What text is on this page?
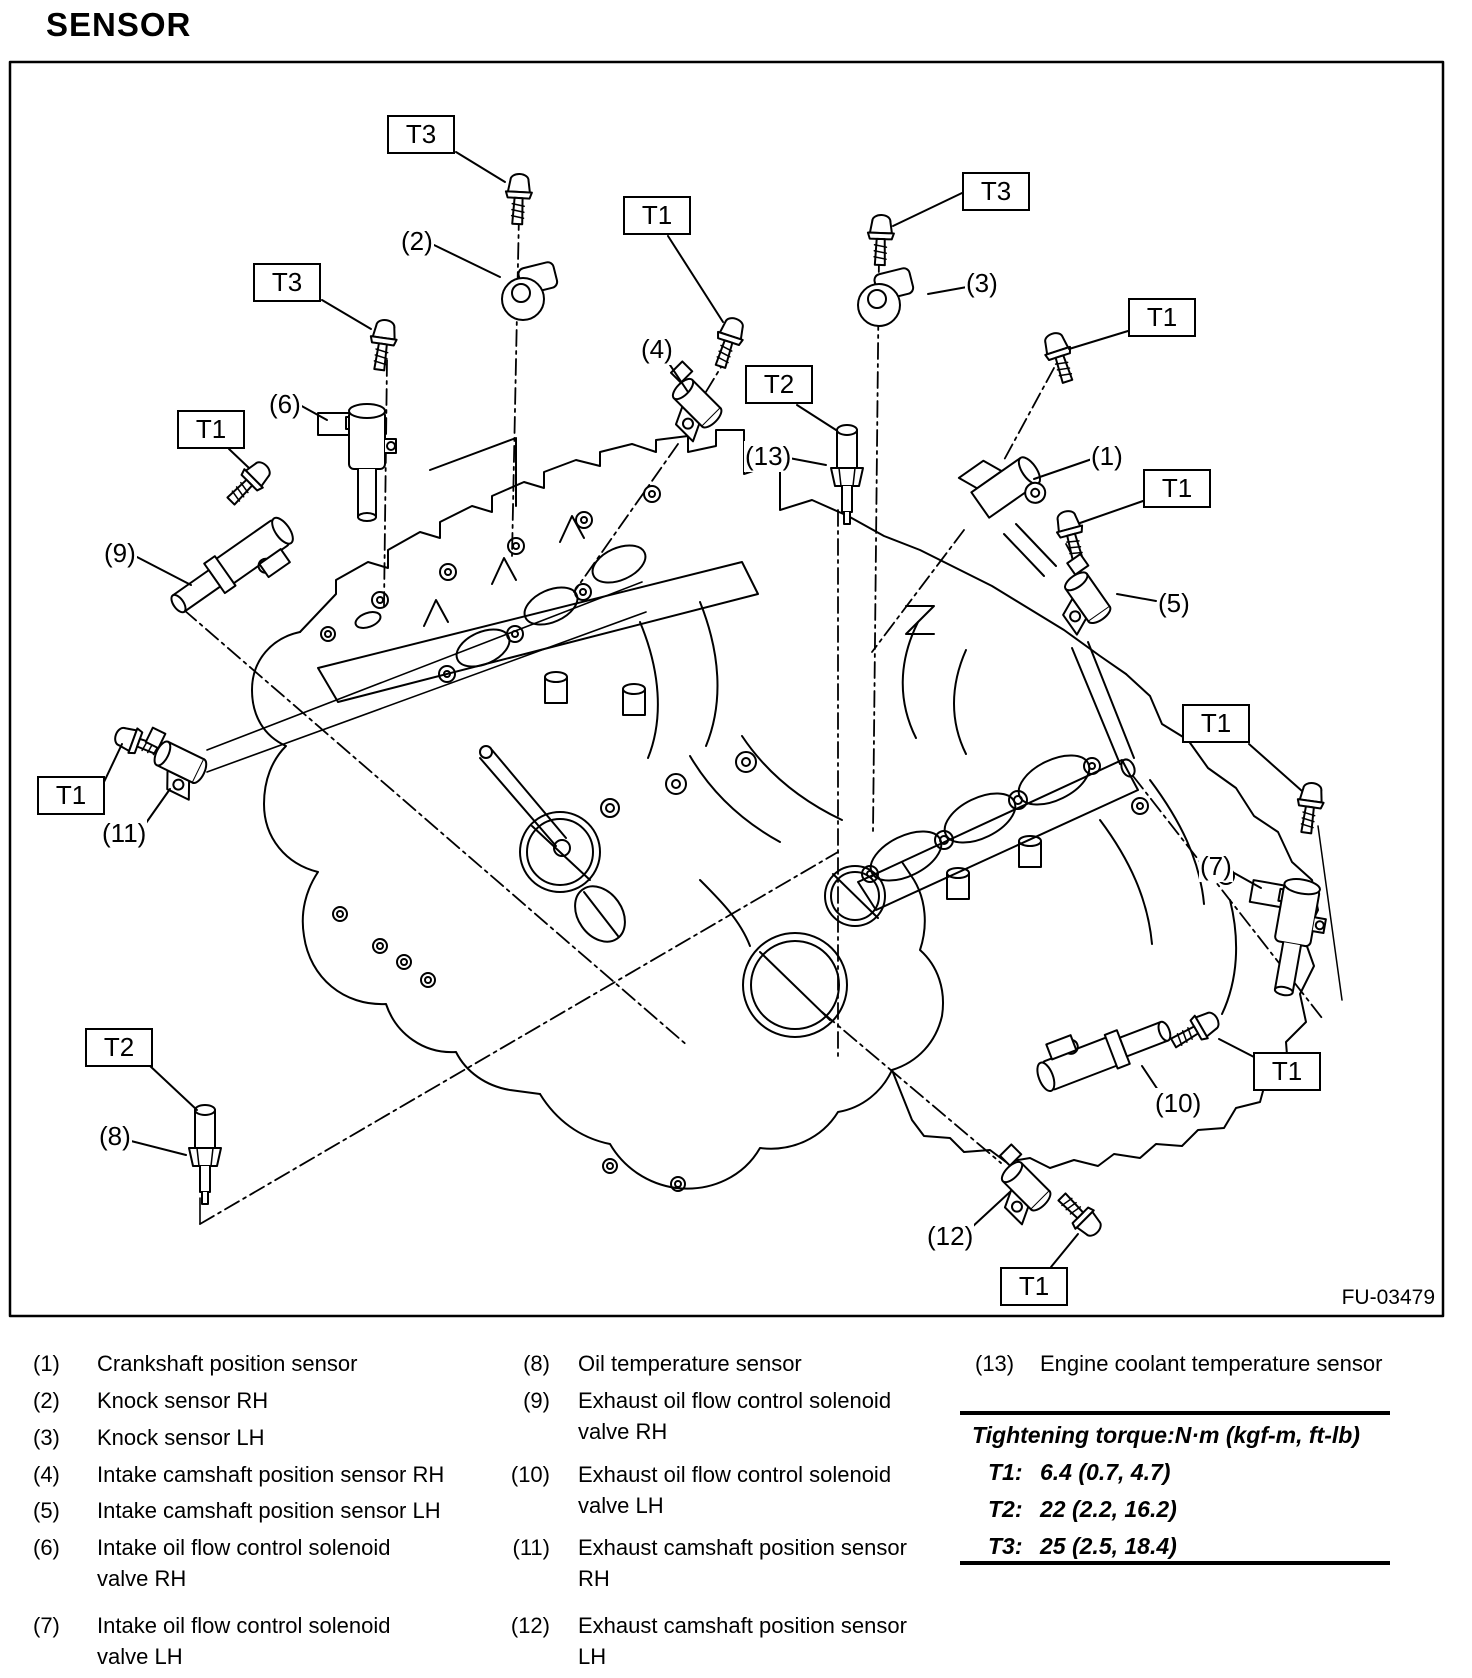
SENSOR
T3
T3
T1
T3
T1
T2
T1
T1
T1
T1
T2
T1
T1
(2)
(4)
(3)
(1)
(6)
(9)
(5)
(7)
(11)
(8)
(13)
(10)
(12)
FU-03479
(1) Crankshaft position sensor
(2) Knock sensor RH
(3) Knock sensor LH
(4) Intake camshaft position sensor RH
(5) Intake camshaft position sensor LH
(6) Intake oil flow control solenoid
valve RH
(7) Intake oil flow control solenoid
valve LH
(8) Oil temperature sensor
(9) Exhaust oil flow control solenoid
valve RH
(10) Exhaust oil flow control solenoid
valve LH
(11) Exhaust camshaft position sensor
RH
(12) Exhaust camshaft position sensor
LH
(13) Engine coolant temperature sensor
Tightening torque:N·m (kgf-m, ft-lb)
T1: 6.4 (0.7, 4.7)
T2: 22 (2.2, 16.2)
T3: 25 (2.5, 18.4)
